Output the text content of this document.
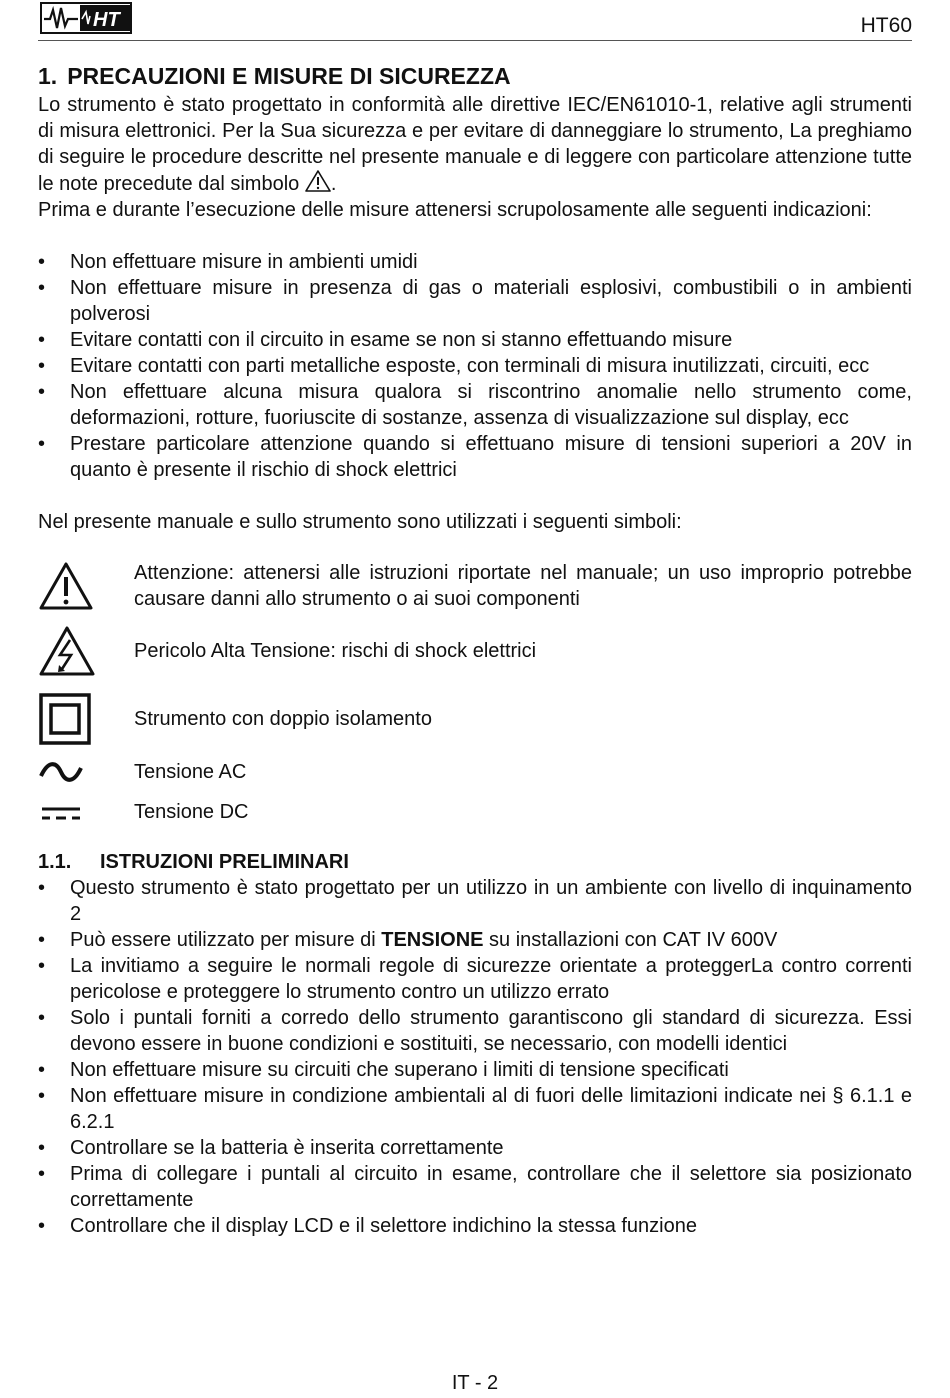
HT	HT60
1. PRECAUZIONI E MISURE DI SICUREZZA

Lo strumento è stato progettato in conformità alle direttive IEC/EN61010-1, relative agli strumenti di misura elettronici. Per la Sua sicurezza e per evitare di danneggiare lo strumento, La preghiamo di seguire le procedure descritte nel presente manuale e di leggere con particolare attenzione tutte le note precedute dal simbolo .

Prima e durante l’esecuzione delle misure attenersi scrupolosamente alle seguenti indicazioni:

• Non effettuare misure in ambienti umidi
• Non effettuare misure in presenza di gas o materiali esplosivi, combustibili o in ambienti polverosi
• Evitare contatti con il circuito in esame se non si stanno effettuando misure
• Evitare contatti con parti metalliche esposte, con terminali di misura inutilizzati, circuiti, ecc
• Non effettuare alcuna misura qualora si riscontrino anomalie nello strumento come, deformazioni, rotture, fuoriuscite di sostanze, assenza di visualizzazione sul display, ecc
• Prestare particolare attenzione quando si effettuano misure di tensioni superiori a 20V in quanto è presente il rischio di shock elettrici

Nel presente manuale e sullo strumento sono utilizzati i seguenti simboli:

Attenzione: attenersi alle istruzioni riportate nel manuale; un uso improprio potrebbe causare danni allo strumento o ai suoi componenti
Pericolo Alta Tensione: rischi di shock elettrici
Strumento con doppio isolamento
Tensione AC
Tensione DC
1.1. ISTRUZIONI PRELIMINARI
• Questo strumento è stato progettato per un utilizzo in un ambiente con livello di inquinamento 2
• Può essere utilizzato per misure di TENSIONE su installazioni con CAT IV 600V
• La invitiamo a seguire le normali regole di sicurezze orientate a proteggerLa contro correnti pericolose e proteggere lo strumento contro un utilizzo errato
• Solo i puntali forniti a corredo dello strumento garantiscono gli standard di sicurezza. Essi devono essere in buone condizioni e sostituiti, se necessario, con modelli identici
• Non effettuare misure su circuiti che superano i limiti di tensione specificati
• Non effettuare misure in condizione ambientali al di fuori delle limitazioni indicate nei § 6.1.1 e 6.2.1
• Controllare se la batteria è inserita correttamente
• Prima di collegare i puntali al circuito in esame, controllare che il selettore sia posizionato correttamente
• Controllare che il display LCD e il selettore indichino la stessa funzione
IT - 2
